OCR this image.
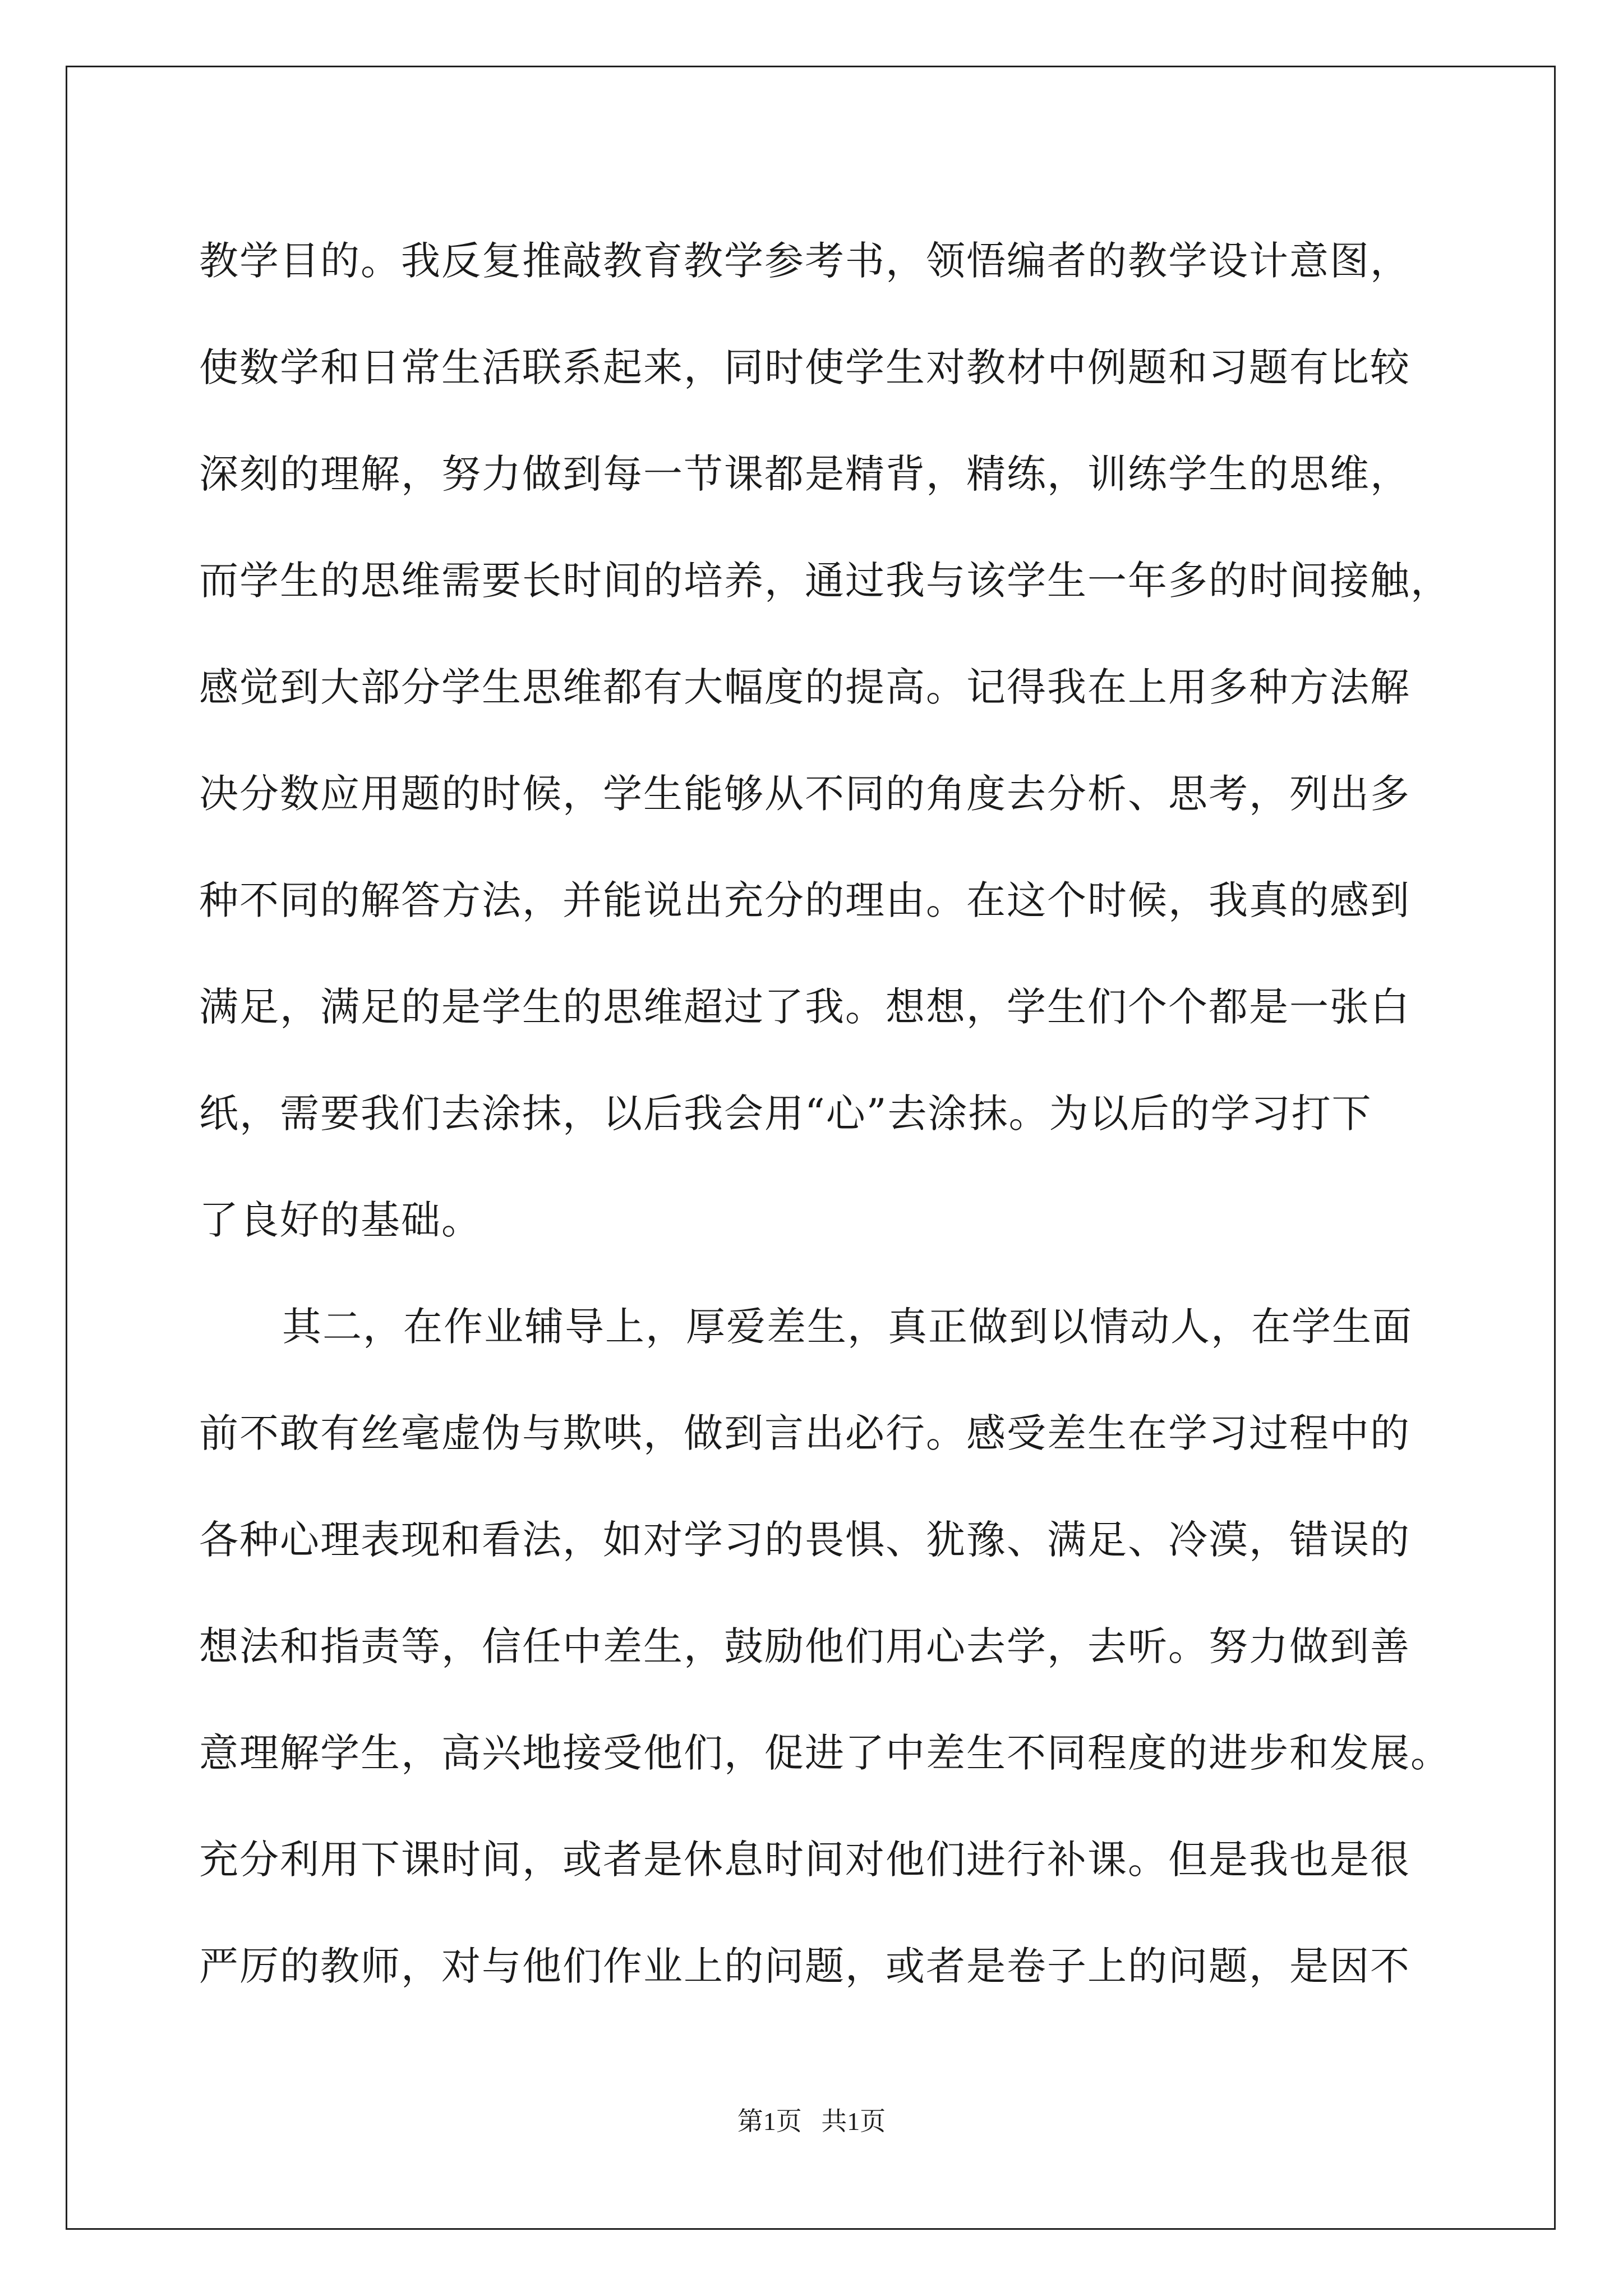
教学目的。我反复推敲教育教学参考书，领悟编者的教学设计意图，
使数学和日常生活联系起来，同时使学生对教材中例题和习题有比较
深刻的理解，努力做到每一节课都是精背，精练，训练学生的思维，
而学生的思维需要长时间的培养，通过我与该学生一年多的时间接触，
感觉到大部分学生思维都有大幅度的提高。记得我在上用多种方法解
决分数应用题的时候，学生能够从不同的角度去分析、思考，列出多
种不同的解答方法，并能说出充分的理由。在这个时候，我真的感到
满足，满足的是学生的思维超过了我。想想，学生们个个都是一张白
纸，需要我们去涂抹，以后我会用“心”去涂抹。为以后的学习打下
了良好的基础。
其二，在作业辅导上，厚爱差生，真正做到以情动人，在学生面
前不敢有丝毫虚伪与欺哄，做到言出必行。感受差生在学习过程中的
各种心理表现和看法，如对学习的畏惧、犹豫、满足、冷漠，错误的
想法和指责等，信任中差生，鼓励他们用心去学，去听。努力做到善
意理解学生，高兴地接受他们，促进了中差生不同程度的进步和发展。
充分利用下课时间，或者是休息时间对他们进行补课。但是我也是很
严厉的教师，对与他们作业上的问题，或者是卷子上的问题，是因不
第1页   共1页
